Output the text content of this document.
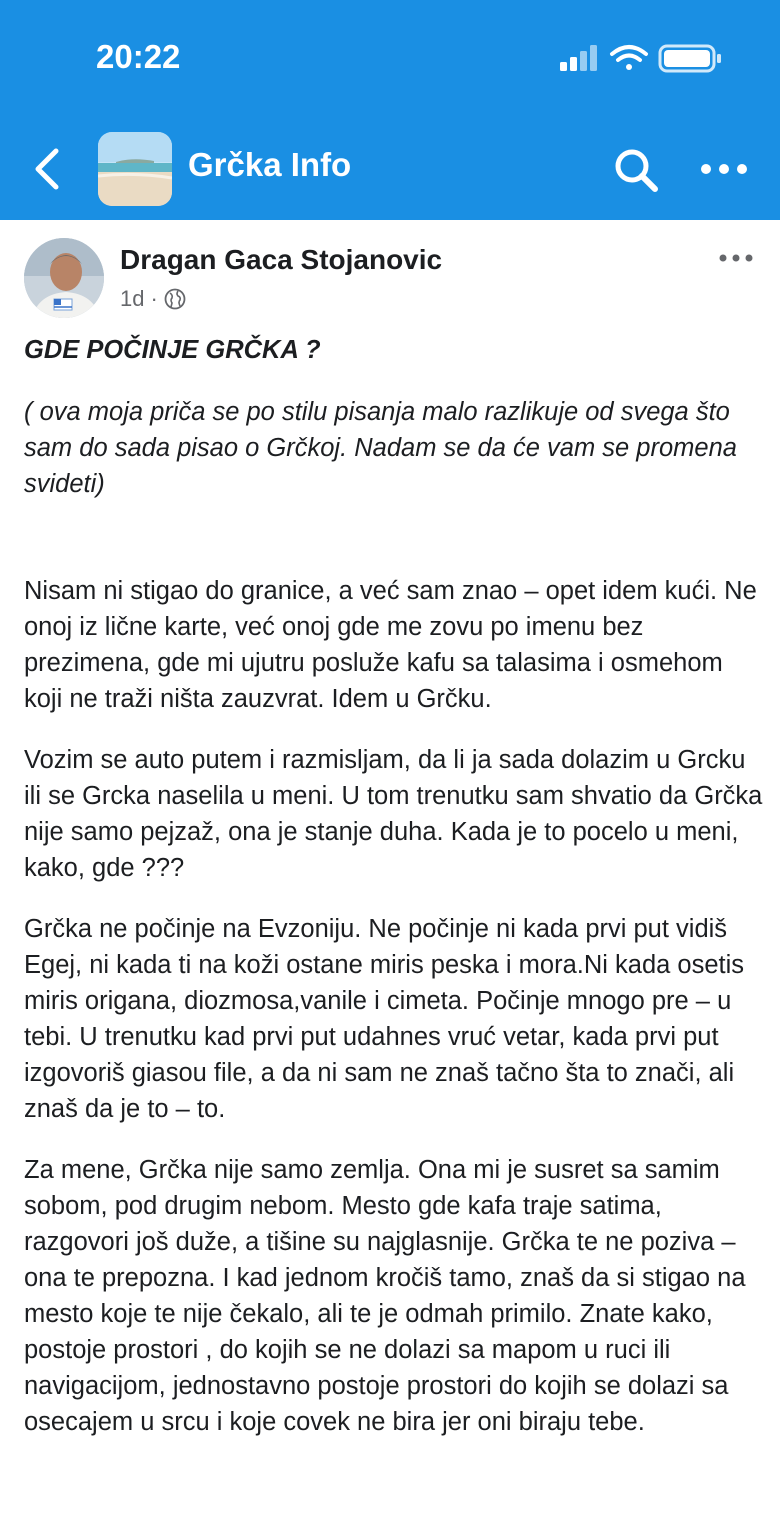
20:22
Grčka Info
Dragan Gaca Stojanovic
1d ·

GDE POČINJE GRČKA ?

( ova moja priča se po stilu pisanja malo razlikuje od svega što sam do sada pisao o Grčkoj. Nadam se da će vam se promena svideti)

Nisam ni stigao do granice, a već sam znao – opet idem kući. Ne onoj iz lične karte, već onoj gde me zovu po imenu bez prezimena, gde mi ujutru posluže kafu sa talasima i osmehom koji ne traži ništa zauzvrat. Idem u Grčku.

Vozim se auto putem i razmisljam, da li ja sada dolazim u Grcku ili se Grcka naselila u meni. U tom trenutku sam shvatio da Grčka nije samo pejzaž, ona je stanje duha. Kada je to pocelo u meni, kako, gde ???

Grčka ne počinje na Evzoniju. Ne počinje ni kada prvi put vidiš Egej, ni kada ti na koži ostane miris peska i mora.Ni kada osetis miris origana, diozmosa,vanile i cimeta. Počinje mnogo pre – u tebi. U trenutku kad prvi put udahnes vruć vetar, kada prvi put izgovoriš giasou file, a da ni sam ne znaš tačno šta to znači, ali znaš da je to – to.

Za mene, Grčka nije samo zemlja. Ona mi je susret sa samim sobom, pod drugim nebom. Mesto gde kafa traje satima, razgovori još duže, a tišine su najglasnije. Grčka te ne poziva – ona te prepozna. I kad jednom kročiš tamo, znaš da si stigao na mesto koje te nije čekalo, ali te je odmah primilo. Znate kako, postoje prostori , do kojih se ne dolazi sa mapom u ruci ili navigacijom, jednostavno postoje prostori do kojih se dolazi sa osecajem u srcu i koje covek ne bira jer oni biraju tebe.
